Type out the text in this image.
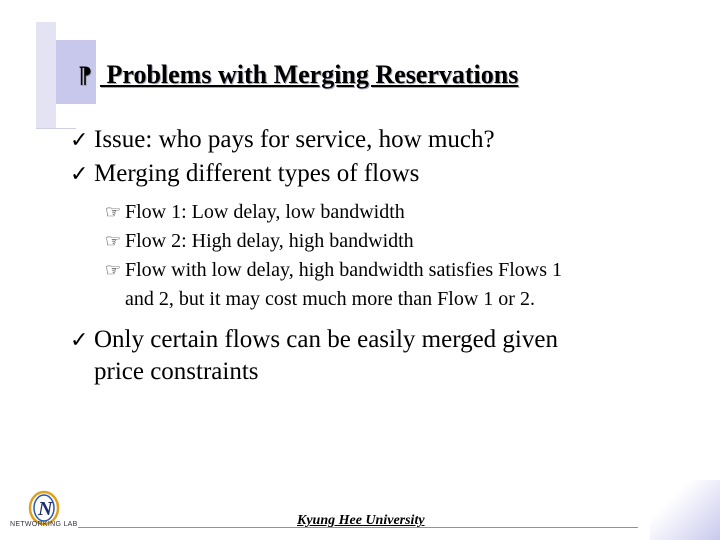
⁋ Problems with Merging Reservations
✓ Issue: who pays for service, how much?
✓ Merging different types of flows
☞ Flow 1: Low delay, low bandwidth
☞ Flow 2: High delay, high bandwidth
☞ Flow with low delay, high bandwidth satisfies Flows 1
and 2, but it may cost much more than Flow 1 or 2.
✓ Only certain flows can be easily merged given
price constraints
N
NETWORKING LAB	Kyung Hee University
